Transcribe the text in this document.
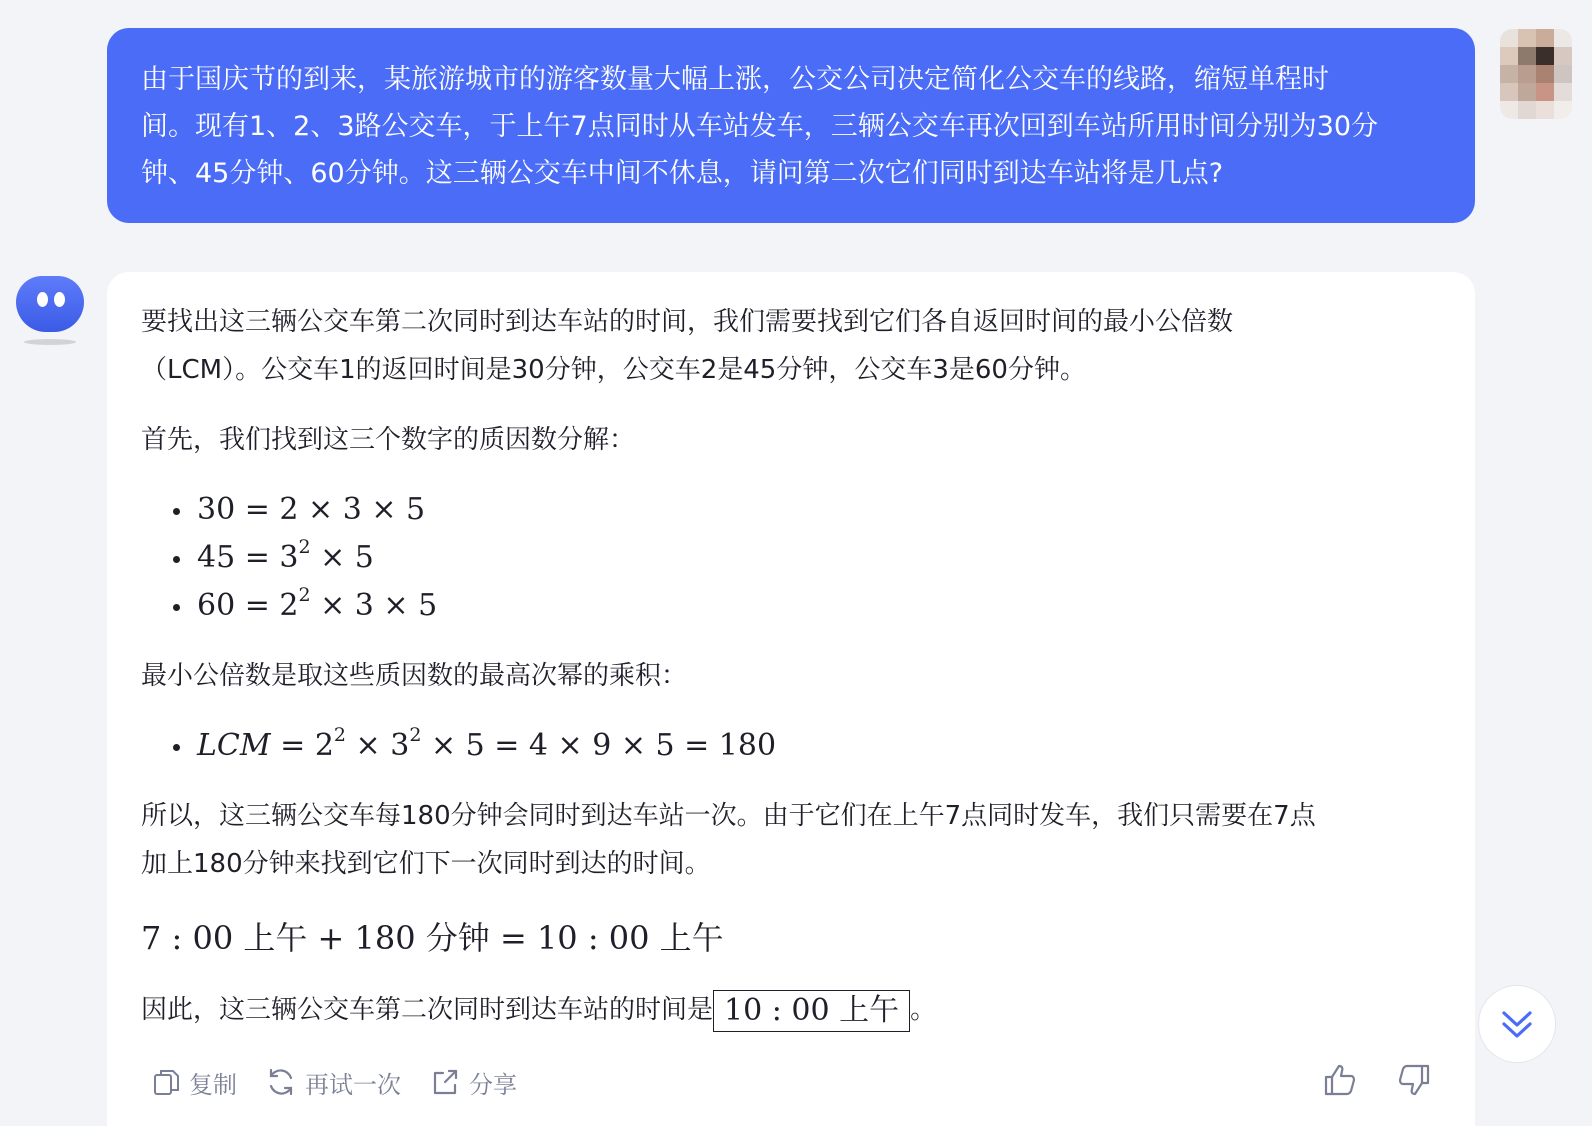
由于国庆节的到来，某旅游城市的游客数量大幅上涨，公交公司决定简化公交车的线路，缩短单程时
间。现有1、2、3路公交车，于上午7点同时从车站发车，三辆公交车再次回到车站所用时间分别为30分
钟、45分钟、60分钟。这三辆公交车中间不休息，请问第二次它们同时到达车站将是几点?
要找出这三辆公交车第二次同时到达车站的时间，我们需要找到它们各自返回时间的最小公倍数
（LCM）。公交车1的返回时间是30分钟，公交车2是45分钟，公交车3是60分钟。
首先，我们找到这三个数字的质因数分解：
30 = 2 × 3 × 5
$45 = 3^2 \times 5$
$60 = 2^2 \times 3 \times 5$
最小公倍数是取这些质因数的最高次幂的乘积：
LCM = $2^2 \times 3^2 \times 5 = 4 \times 9 \times 5 = 180$
所以，这三辆公交车每180分钟会同时到达车站一次。由于它们在上午7点同时发车，我们只需要在7点
加上180分钟来找到它们下一次同时到达的时间。
7 : 00 上午 + 180 分钟 = 10 : 00 上午
因此，这三辆公交车第二次同时到达车站的时间是 10 : 00 上午 。
复制	再试一次	分享
